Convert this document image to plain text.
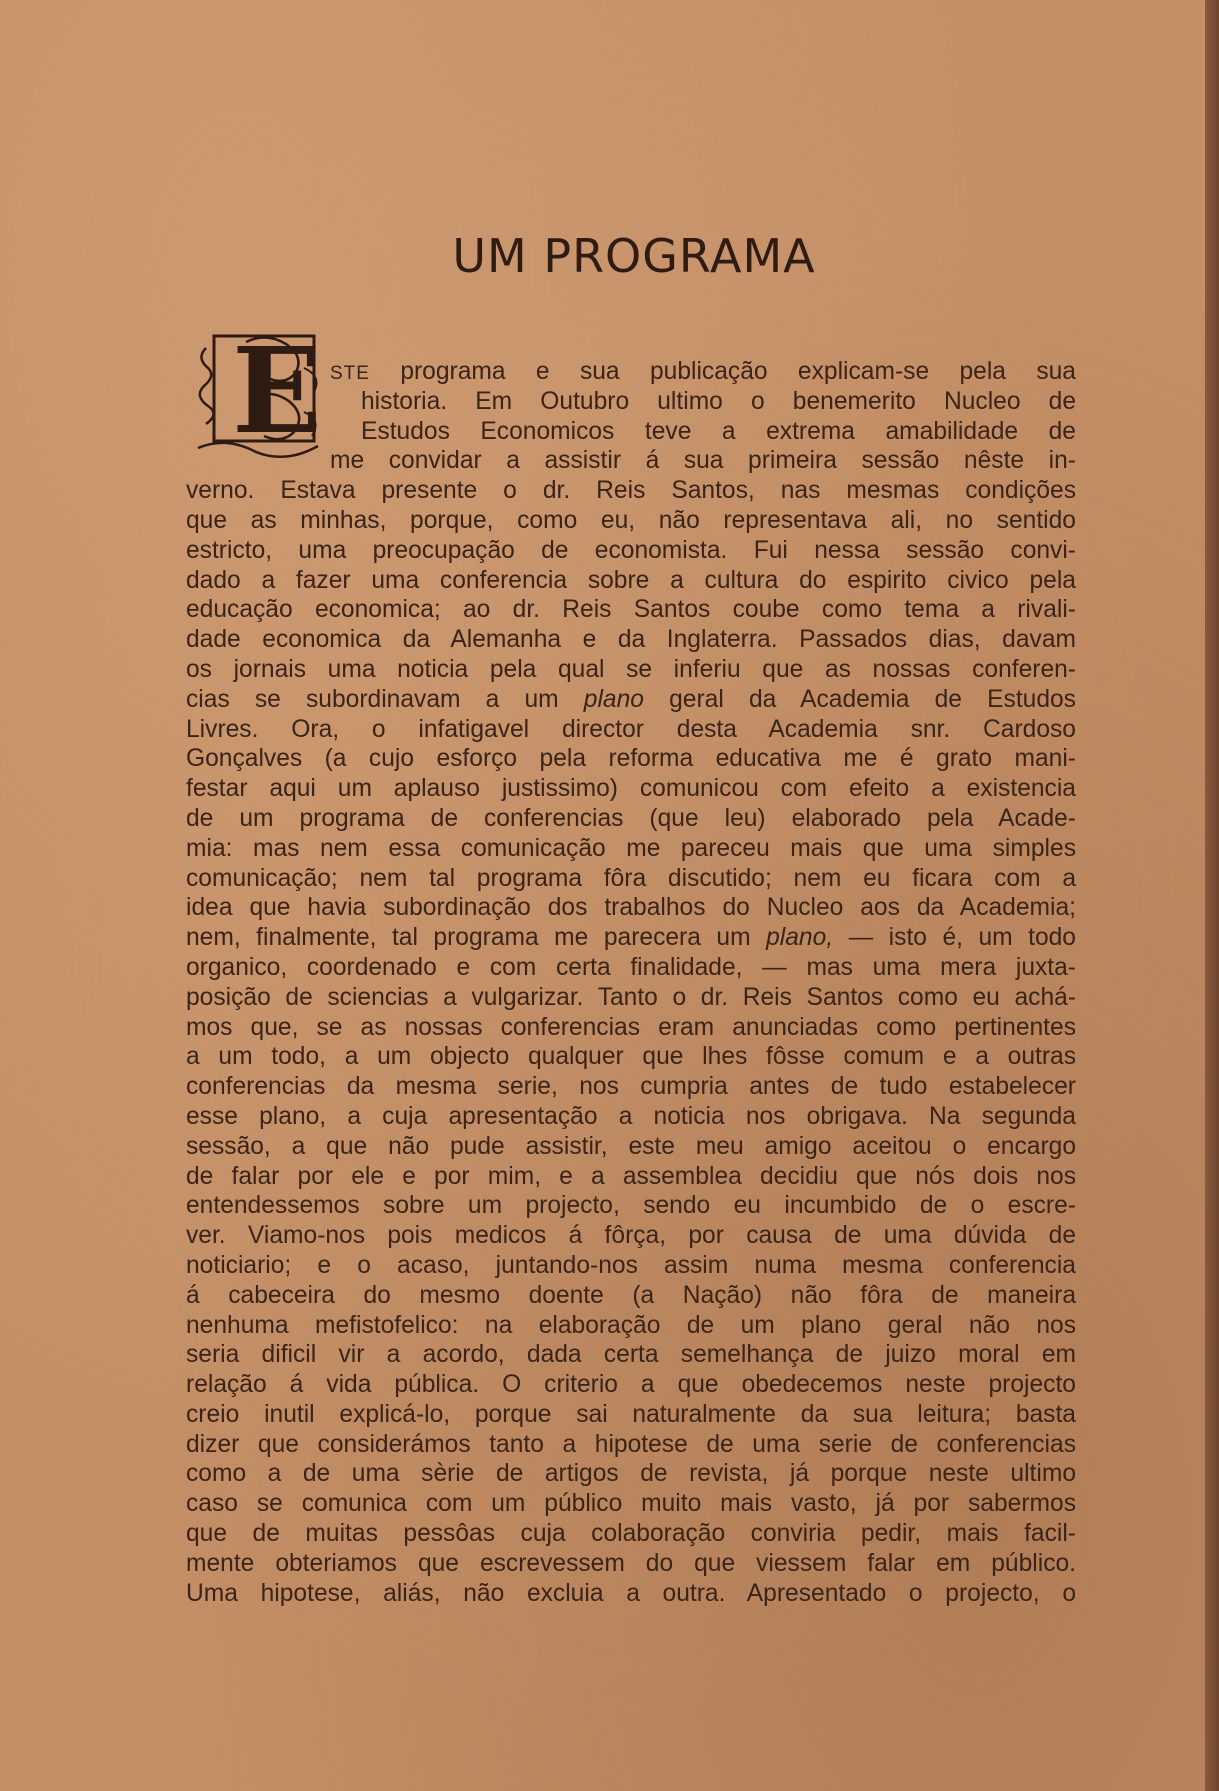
UM PROGRAMA
E STE programa e sua publicação explicam-se pela sua
historia. Em Outubro ultimo o benemerito Nucleo de
Estudos Economicos teve a extrema amabilidade de
me convidar a assistir á sua primeira sessão nêste in-
verno. Estava presente o dr. Reis Santos, nas mesmas condições
que as minhas, porque, como eu, não representava ali, no sentido
estricto, uma preocupação de economista. Fui nessa sessão convi-
dado a fazer uma conferencia sobre a cultura do espirito civico pela
educação economica; ao dr. Reis Santos coube como tema a rivali-
dade economica da Alemanha e da Inglaterra. Passados dias, davam
os jornais uma noticia pela qual se inferiu que as nossas conferen-
cias se subordinavam a um plano geral da Academia de Estudos
Livres. Ora, o infatigavel director desta Academia snr. Cardoso
Gonçalves (a cujo esforço pela reforma educativa me é grato mani-
festar aqui um aplauso justissimo) comunicou com efeito a existencia
de um programa de conferencias (que leu) elaborado pela Acade-
mia: mas nem essa comunicação me pareceu mais que uma simples
comunicação; nem tal programa fôra discutido; nem eu ficara com a
idea que havia subordinação dos trabalhos do Nucleo aos da Academia;
nem, finalmente, tal programa me parecera um plano, — isto é, um todo
organico, coordenado e com certa finalidade, — mas uma mera juxta-
posição de sciencias a vulgarizar. Tanto o dr. Reis Santos como eu achá-
mos que, se as nossas conferencias eram anunciadas como pertinentes
a um todo, a um objecto qualquer que lhes fôsse comum e a outras
conferencias da mesma serie, nos cumpria antes de tudo estabelecer
esse plano, a cuja apresentação a noticia nos obrigava. Na segunda
sessão, a que não pude assistir, este meu amigo aceitou o encargo
de falar por ele e por mim, e a assemblea decidiu que nós dois nos
entendessemos sobre um projecto, sendo eu incumbido de o escre-
ver. Viamo-nos pois medicos á fôrça, por causa de uma dúvida de
noticiario; e o acaso, juntando-nos assim numa mesma conferencia
á cabeceira do mesmo doente (a Nação) não fôra de maneira
nenhuma mefistofelico: na elaboração de um plano geral não nos
seria dificil vir a acordo, dada certa semelhança de juizo moral em
relação á vida pública. O criterio a que obedecemos neste projecto
creio inutil explicá-lo, porque sai naturalmente da sua leitura; basta
dizer que considerámos tanto a hipotese de uma serie de conferencias
como a de uma sèrie de artigos de revista, já porque neste ultimo
caso se comunica com um público muito mais vasto, já por sabermos
que de muitas pessôas cuja colaboração conviria pedir, mais facil-
mente obteriamos que escrevessem do que viessem falar em público.
Uma hipotese, aliás, não excluia a outra. Apresentado o projecto, o
